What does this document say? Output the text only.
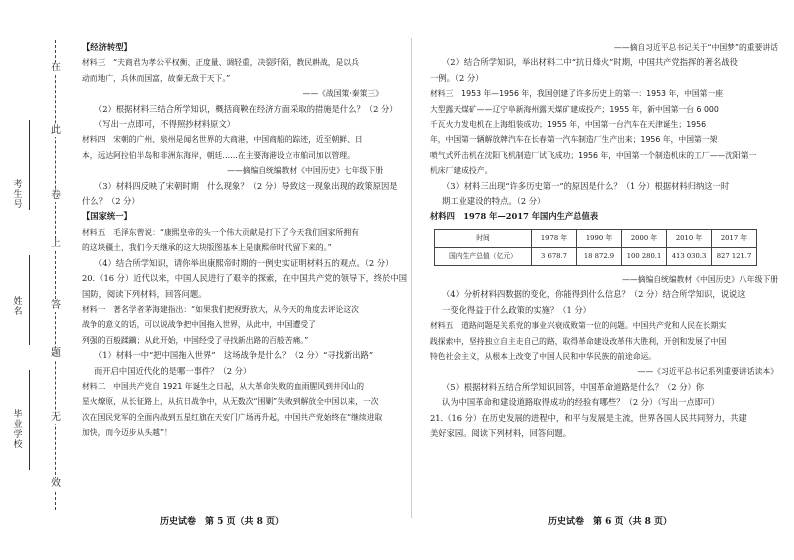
在
此
卷
上
答
题
无
效
考生号
姓名
毕业学校

【经济转型】

材料三　“夫商君为孝公平权衡、正度量、调轻重，决裂阡陌，教民耕战，是以兵

动而地广，兵休而国富，故秦无敌于天下。”

——《战国策·秦策三》

（2）根据材料三结合所学知识，概括商鞅在经济方面采取的措施是什么？（2 分）

（写出一点即可，不得照抄材料原文）

材料四　宋朝的广州、泉州是闻名世界的大商港，中国商船的踪迹，近至朝鲜、日

本，远达阿拉伯半岛和非洲东海岸，朝廷……在主要海港设立市舶司加以管理。

——摘编自统编教材《中国历史》七年级下册

（3）材料四反映了宋朝时期　什么现象？（2 分）导致这一现象出现的政策原因是

什么？（2 分）

【国家统一】

材料五　毛泽东曾说：“康熙皇帝的头一个伟大贡献是打下了今天我们国家所拥有

的这块疆土，我们今天继承的这大块版图基本上是康熙帝时代留下来的。”

（4）结合所学知识，请你举出康熙帝时期的一例史实证明材料五的观点。（2 分）

20.（16 分）近代以来，中国人民进行了艰辛的探索，在中国共产党的领导下，终於中国

国防，阅读下列材料，回答问题。

材料一　著名学者茅海建指出：“如果我们把视野放大，从今天的角度去评论这次

战争的意义的话，可以说战争把中国拖入世界，从此中，中国遭受了

列强的百般蹂躏；从此开始，中国经受了寻找新出路的百般苦痛。”

（1）材料一中“把中国拖入世界”　这场战争是什么？（2 分）“寻找新出路”

而开启中国近代化的是哪一事件？（2 分）

材料二　中国共产党自 1921 年诞生之日起，从大革命失败的血雨腥风到井冈山的

星火燎原，从长征路上，从抗日战争中，从无数次“围剿”失败到解放全中国以来，一次

次在国民党军的全面内战到五星红旗在天安门广场再升起，中国共产党始终在“继续进取

加快，而今迈步从头越”！

——摘自习近平总书记关于“中国梦”的重要讲话

（2）结合所学知识，举出材料二中“抗日烽火”时期，中国共产党指挥的著名战役

一例。（2 分）

材料三　1953 年—1956 年，我国创建了许多历史上的第一：1953 年，中国第一座

大型露天煤矿——辽宁阜新海州露天煤矿建成投产；1955 年，新中国第一台 6 000

千瓦火力发电机在上海组装成功；1955 年，中国第一台汽车在天津诞生；1956

年，中国第一辆解放牌汽车在长春第一汽车制造厂生产出来；1956 年，中国第一架

喷气式歼击机在沈阳飞机制造厂试飞成功；1956 年，中国第一个制造机床的工厂——沈阳第一

机床厂建成投产。

（3）材料三出现“许多历史第一”的原因是什么？（1 分）根据材料归纳这一时

期工业建设的特点。（2 分）

材料四　1978 年—2017 年国内生产总值表

时间	1978 年	1990 年	2000 年	2010 年	2017 年
国内生产总值（亿元）	3 678.7	18 872.9	100 280.1	413 030.3	827 121.7

——摘编自统编教材《中国历史》八年级下册

（4）分析材料四数据的变化，你能得到什么信息？（2 分）结合所学知识，说说这

一变化得益于什么政策的实施？（1 分）

材料五　道路问题是关系党的事业兴衰成败第一位的问题。中国共产党和人民在长期实

践探索中，坚持独立自主走自己的路，取得革命建设改革伟大胜利，开创和发展了中国

特色社会主义，从根本上改变了中国人民和中华民族的前途命运。

——《习近平总书记系列重要讲话读本》

（5）根据材料五结合所学知识回答，中国革命道路是什么？（2 分）你

认为中国革命和建设道路取得成功的经验有哪些？（2 分）（写出一点即可）

21.（16 分）在历史发展的进程中，和平与发展是主流，世界各国人民共同努力，共建

美好家园。阅读下列材料，回答问题。

历史试卷　第 5 页（共 8 页）	历史试卷　第 6 页（共 8 页）
